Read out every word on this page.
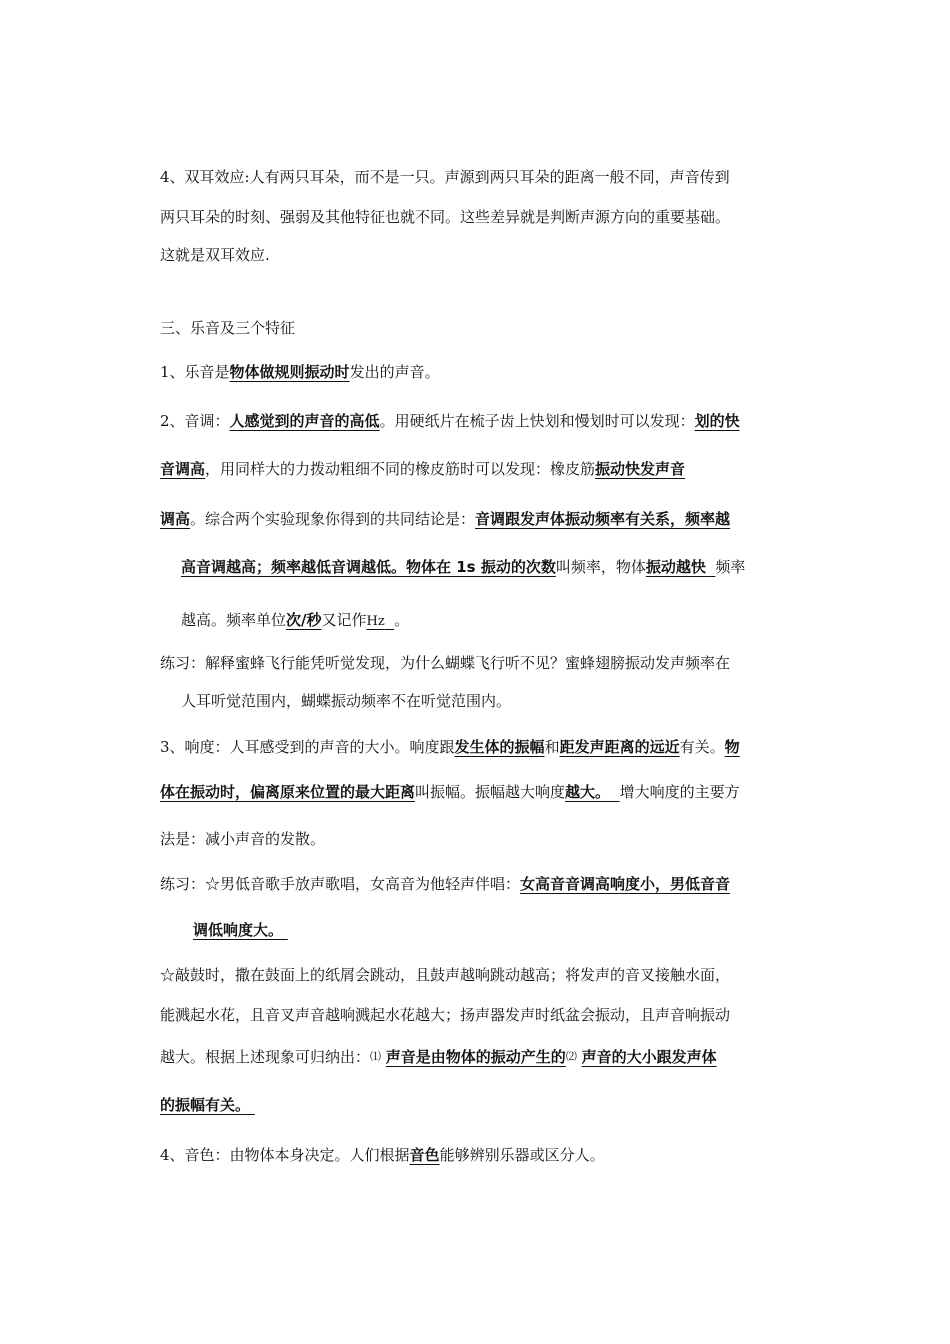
4、双耳效应:人有两只耳朵，而不是一只。声源到两只耳朵的距离一般不同，声音传到
两只耳朵的时刻、强弱及其他特征也就不同。这些差异就是判断声源方向的重要基础。
这就是双耳效应.
三、乐音及三个特征
1、乐音是物体做规则振动时发出的声音。
2、音调：人感觉到的声音的高低。用硬纸片在梳子齿上快划和慢划时可以发现：划的快
音调高，用同样大的力拨动粗细不同的橡皮筋时可以发现：橡皮筋振动快发声音
调高。综合两个实验现象你得到的共同结论是：音调跟发声体振动频率有关系，频率越
高音调越高；频率越低音调越低。物体在 1s 振动的次数叫频率，物体振动越快 频率
越高。频率单位次/秒又记作Hz 。
练习：解释蜜蜂飞行能凭听觉发现，为什么蝴蝶飞行听不见？蜜蜂翅膀振动发声频率在
人耳听觉范围内，蝴蝶振动频率不在听觉范围内。
3、响度：人耳感受到的声音的大小。响度跟发生体的振幅和距发声距离的远近有关。物
体在振动时，偏离原来位置的最大距离叫振幅。振幅越大响度越大。 增大响度的主要方
法是：减小声音的发散。
练习：☆男低音歌手放声歌唱，女高音为他轻声伴唱：女高音音调高响度小，男低音音
调低响度大。
☆敲鼓时，撒在鼓面上的纸屑会跳动，且鼓声越响跳动越高；将发声的音叉接触水面，
能溅起水花，且音叉声音越响溅起水花越大；扬声器发声时纸盆会振动，且声音响振动
越大。根据上述现象可归纳出：⑴ 声音是由物体的振动产生的⑵ 声音的大小跟发声体
的振幅有关。
4、音色：由物体本身决定。人们根据音色能够辨别乐器或区分人。
